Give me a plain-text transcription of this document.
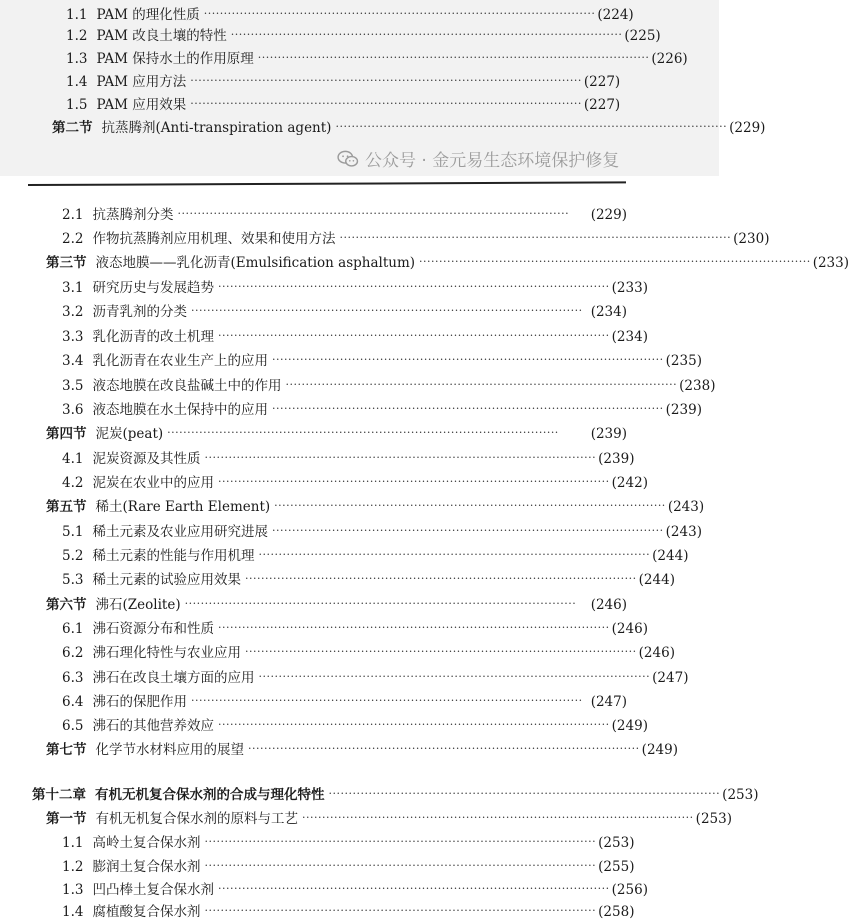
1.1 PAM 的理化性质 ·································································································· (224)
1.2 PAM 改良土壤的特性 ·································································································· (225)
1.3 PAM 保持水土的作用原理 ·································································································· (226)
1.4 PAM 应用方法 ·································································································· (227)
1.5 PAM 应用效果 ·································································································· (227)
第二节 抗蒸腾剂(Anti-transpiration agent) ·································································································· (229)
公众号 · 金元易生态环境保护修复
2.1 抗蒸腾剂分类 ··································································································	(229)
2.2 作物抗蒸腾剂应用机理、效果和使用方法 ·································································································· (230)
第三节 液态地膜——乳化沥青(Emulsification asphaltum) ·································································································· (233)
3.1 研究历史与发展趋势 ·································································································· (233)
3.2 沥青乳剂的分类 ·································································································· (234)
3.3 乳化沥青的改土机理 ·································································································· (234)
3.4 乳化沥青在农业生产上的应用 ·································································································· (235)
3.5 液态地膜在改良盐碱土中的作用 ·································································································· (238)
3.6 液态地膜在水土保持中的应用 ·································································································· (239)
第四节 泥炭(peat) ··································································································	(239)
4.1 泥炭资源及其性质 ·································································································· (239)
4.2 泥炭在农业中的应用 ·································································································· (242)
第五节 稀土(Rare Earth Element) ·································································································· (243)
5.1 稀土元素及农业应用研究进展 ·································································································· (243)
5.2 稀土元素的性能与作用机理 ·································································································· (244)
5.3 稀土元素的试验应用效果 ·································································································· (244)
第六节 沸石(Zeolite) ··································································································	(246)
6.1 沸石资源分布和性质 ·································································································· (246)
6.2 沸石理化特性与农业应用 ·································································································· (246)
6.3 沸石在改良土壤方面的应用 ·································································································· (247)
6.4 沸石的保肥作用 ·································································································· (247)
6.5 沸石的其他营养效应 ·································································································· (249)
第七节 化学节水材料应用的展望 ·································································································· (249)
第十二章 有机无机复合保水剂的合成与理化特性 ·································································································· (253)
第一节 有机无机复合保水剂的原料与工艺 ·································································································· (253)
1.1 高岭土复合保水剂 ·································································································· (253)
1.2 膨润土复合保水剂 ·································································································· (255)
1.3 凹凸棒土复合保水剂 ·································································································· (256)
1.4 腐植酸复合保水剂 ·································································································· (258)
